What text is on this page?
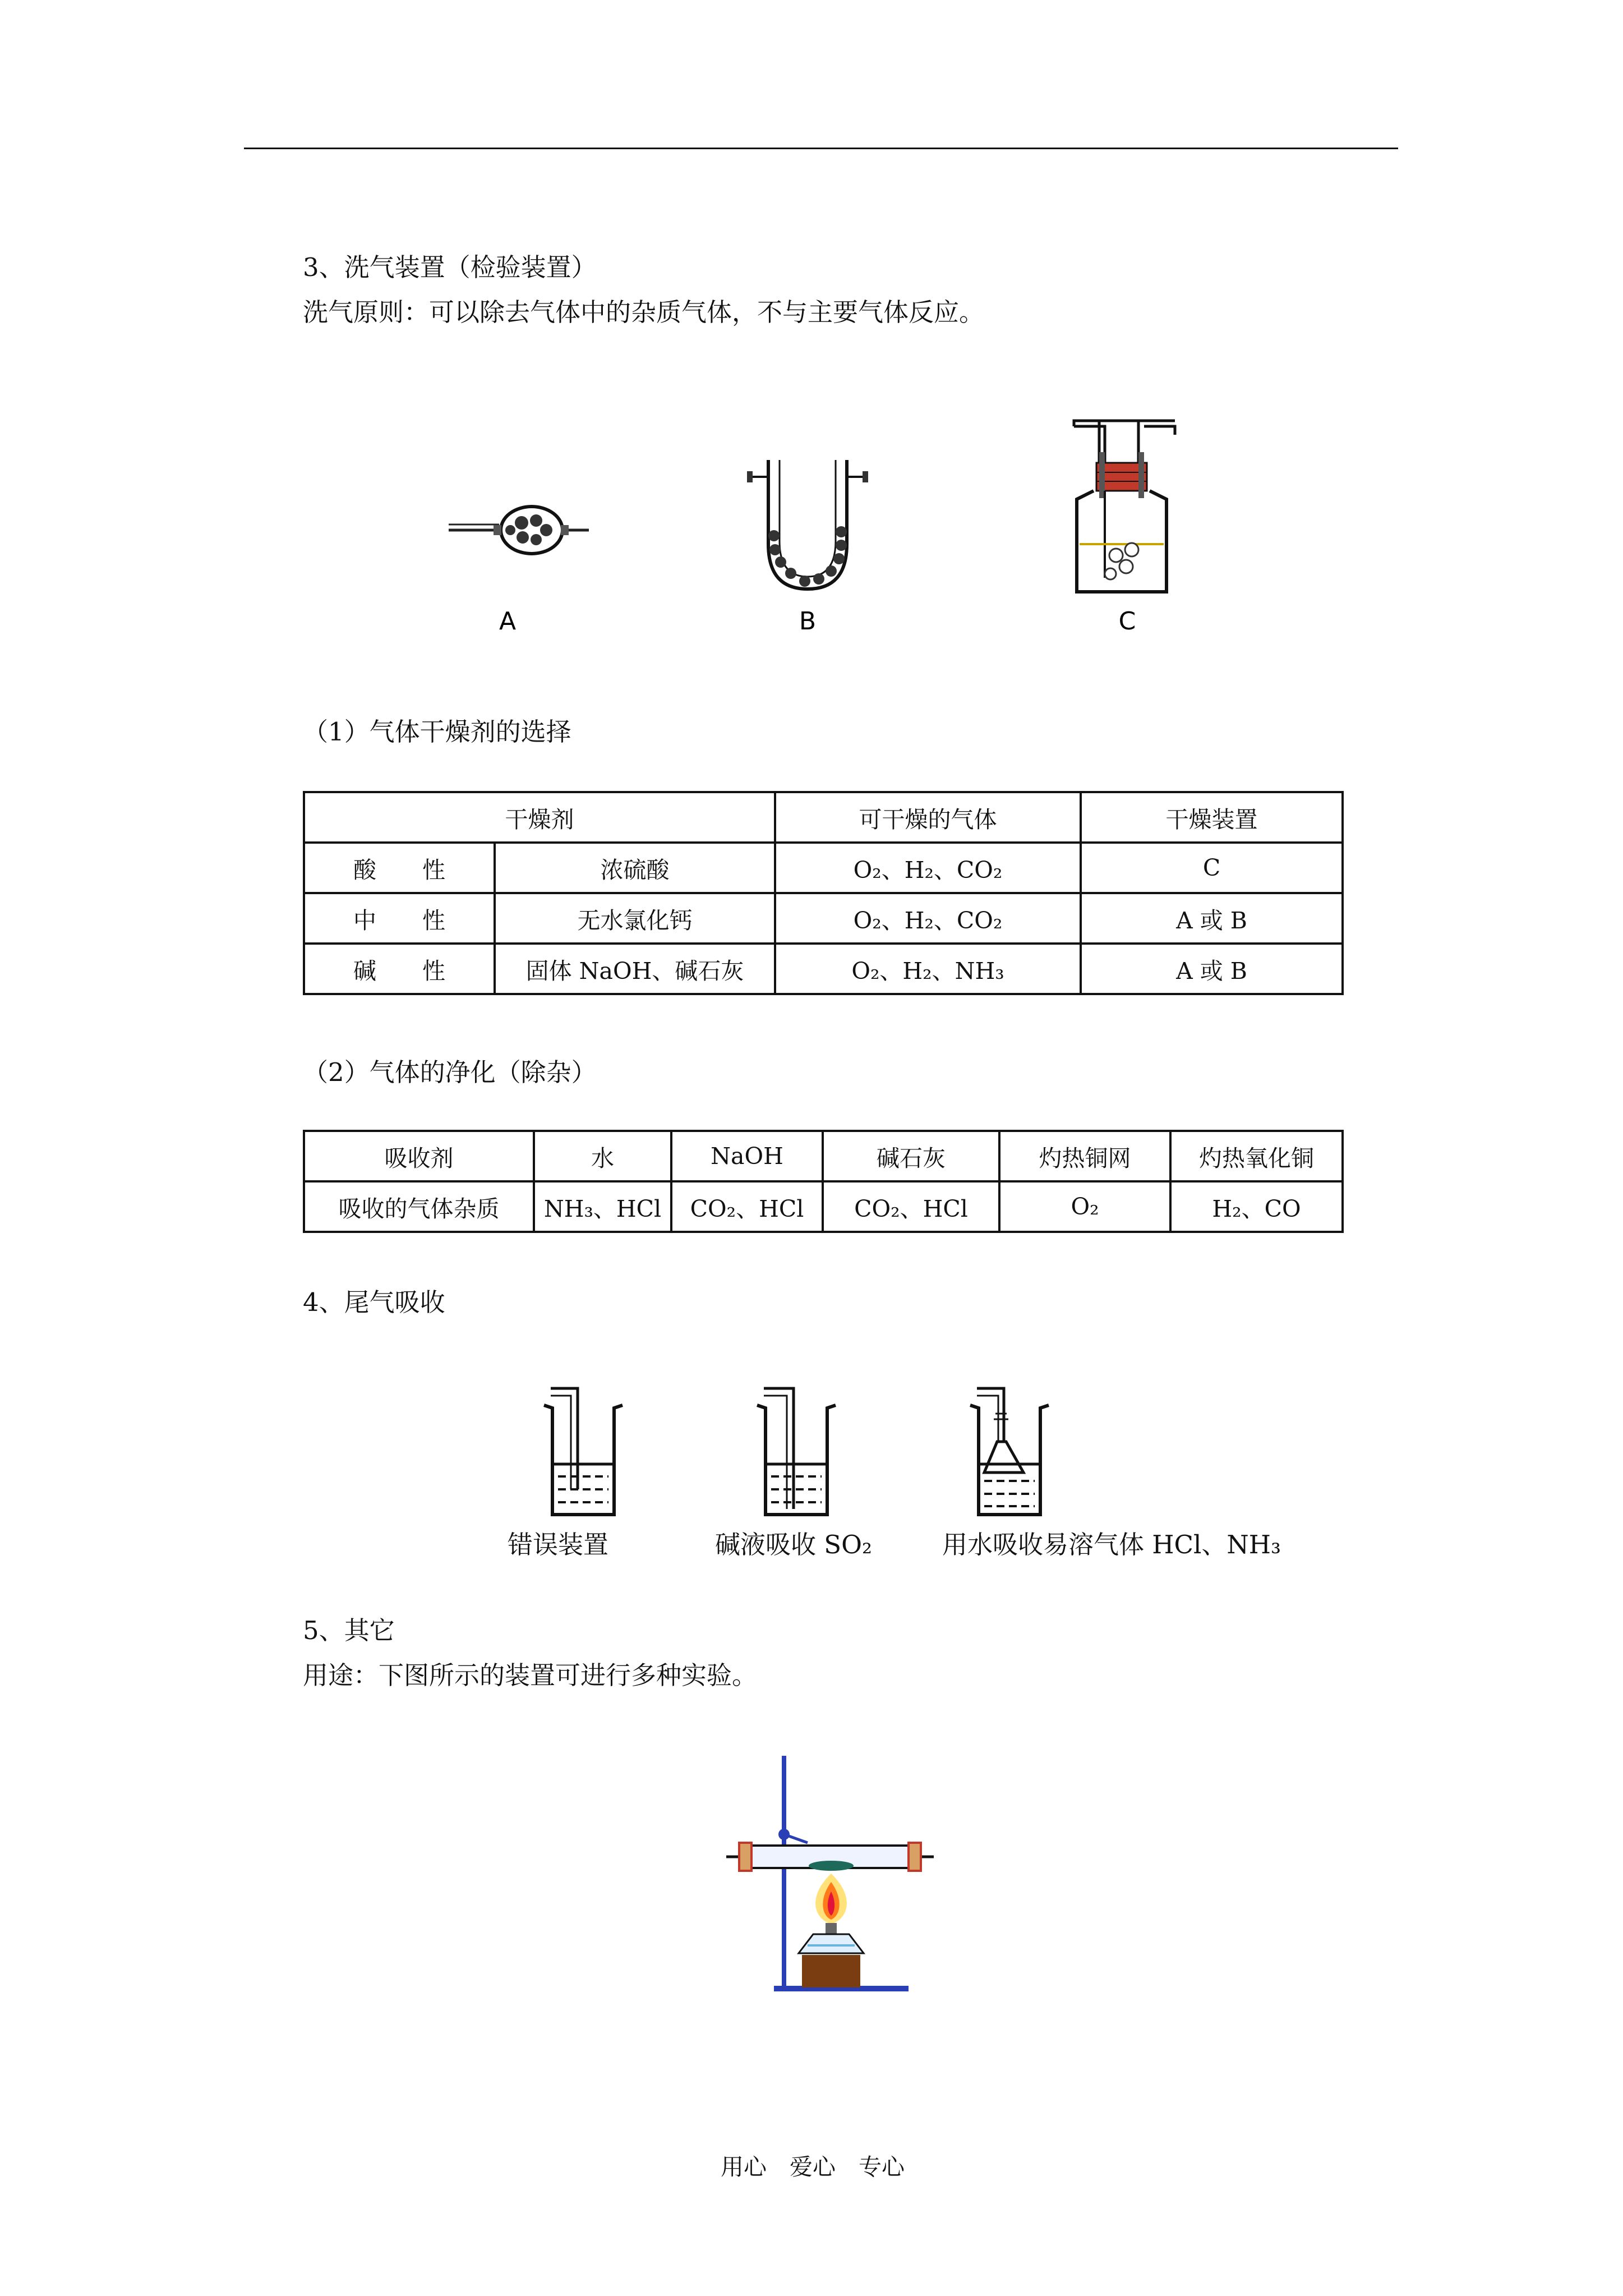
3、洗气装置（检验装置）
洗气原则：可以除去气体中的杂质气体，不与主要气体反应。
A	B	C
（1）气体干燥剂的选择
干燥剂		可干燥的气体	干燥装置
酸　　性	浓硫酸	O₂、H₂、CO₂	C
中　　性	无水氯化钙	O₂、H₂、CO₂	A 或 B
碱　　性	固体 NaOH、碱石灰	O₂、H₂、NH₃	A 或 B
（2）气体的净化（除杂）
吸收剂	水	NaOH	碱石灰	灼热铜网	灼热氧化铜
吸收的气体杂质	NH₃、HCl	CO₂、HCl	CO₂、HCl	O₂	H₂、CO
4、尾气吸收
错误装置	碱液吸收 SO₂	用水吸收易溶气体 HCl、NH₃
5、其它
用途：下图所示的装置可进行多种实验。
用心　爱心　专心
